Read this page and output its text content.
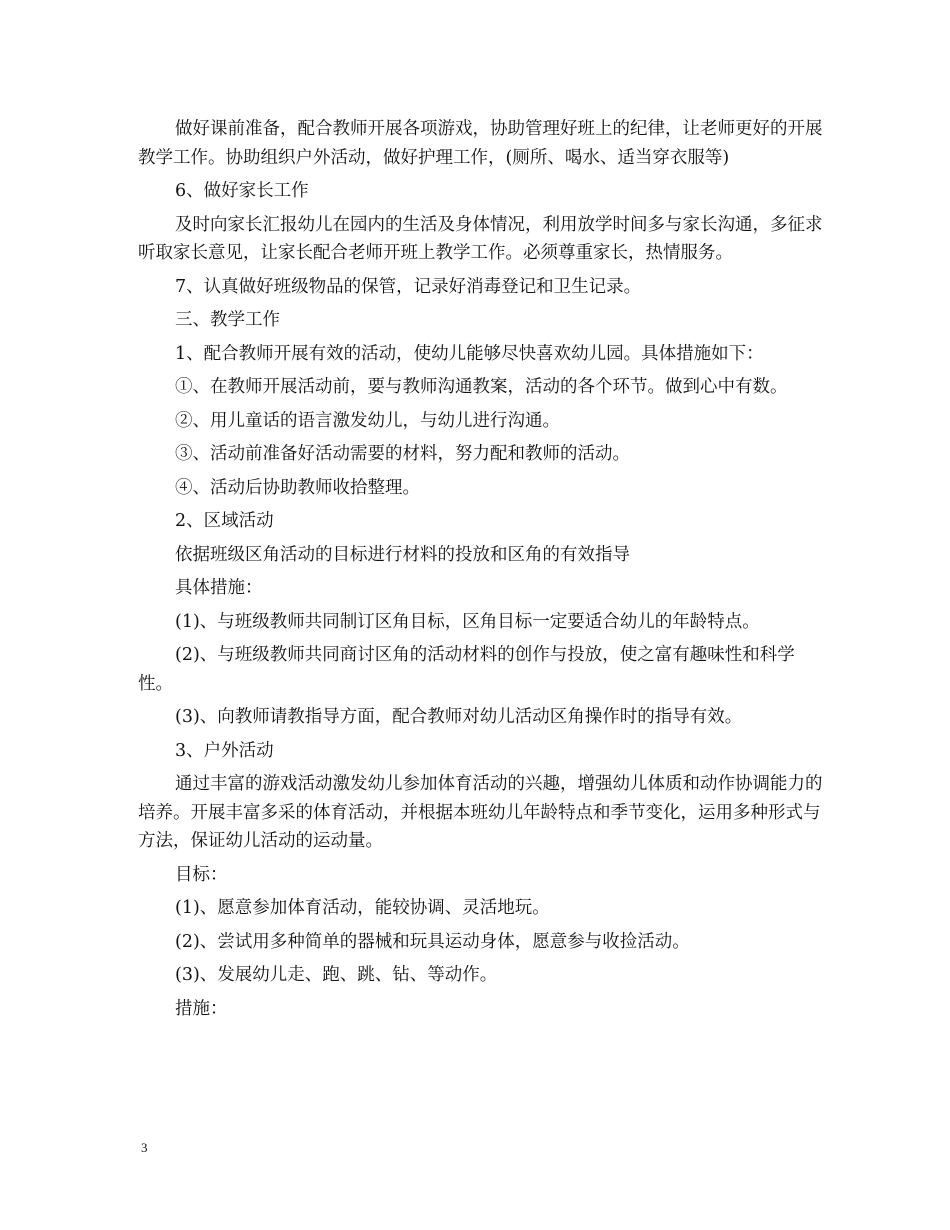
做好课前准备，配合教师开展各项游戏，协助管理好班上的纪律，让老师更好的开展教学工作。协助组织户外活动，做好护理工作，(厕所、喝水、适当穿衣服等)

6、做好家长工作

及时向家长汇报幼儿在园内的生活及身体情况，利用放学时间多与家长沟通，多征求听取家长意见，让家长配合老师开班上教学工作。必须尊重家长，热情服务。

7、认真做好班级物品的保管，记录好消毒登记和卫生记录。

三、教学工作

1、配合教师开展有效的活动，使幼儿能够尽快喜欢幼儿园。具体措施如下：

①、在教师开展活动前，要与教师沟通教案，活动的各个环节。做到心中有数。

②、用儿童话的语言激发幼儿，与幼儿进行沟通。

③、活动前准备好活动需要的材料，努力配和教师的活动。

④、活动后协助教师收拾整理。

2、区域活动

依据班级区角活动的目标进行材料的投放和区角的有效指导

具体措施：

(1)、与班级教师共同制订区角目标，区角目标一定要适合幼儿的年龄特点。

(2)、与班级教师共同商讨区角的活动材料的创作与投放，使之富有趣味性和科学性。

(3)、向教师请教指导方面，配合教师对幼儿活动区角操作时的指导有效。

3、户外活动

通过丰富的游戏活动激发幼儿参加体育活动的兴趣，增强幼儿体质和动作协调能力的培养。开展丰富多采的体育活动，并根据本班幼儿年龄特点和季节变化，运用多种形式与方法，保证幼儿活动的运动量。

目标：

(1)、愿意参加体育活动，能较协调、灵活地玩。

(2)、尝试用多种简单的器械和玩具运动身体，愿意参与收捡活动。

(3)、发展幼儿走、跑、跳、钻、等动作。

措施：

3
